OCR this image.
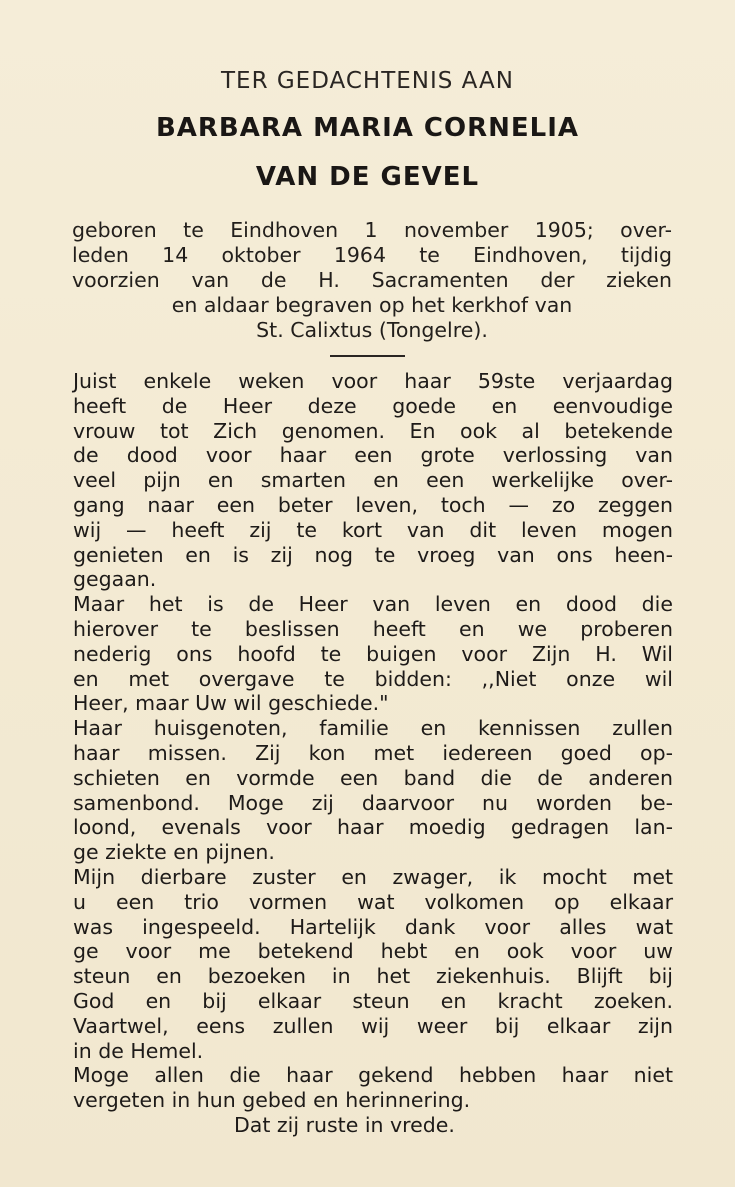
TER GEDACHTENIS AAN
BARBARA MARIA CORNELIA
VAN DE GEVEL
geboren te Eindhoven 1 november 1905; over-
leden 14 oktober 1964 te Eindhoven, tijdig
voorzien van de H. Sacramenten der zieken
en aldaar begraven op het kerkhof van
St. Calixtus (Tongelre).
Juist enkele weken voor haar 59ste verjaardag
heeft de Heer deze goede en eenvoudige
vrouw tot Zich genomen. En ook al betekende
de dood voor haar een grote verlossing van
veel pijn en smarten en een werkelijke over-
gang naar een beter leven, toch — zo zeggen
wij — heeft zij te kort van dit leven mogen
genieten en is zij nog te vroeg van ons heen-
gegaan.
Maar het is de Heer van leven en dood die
hierover te beslissen heeft en we proberen
nederig ons hoofd te buigen voor Zijn H. Wil
en met overgave te bidden: ,,Niet onze wil
Heer, maar Uw wil geschiede."
Haar huisgenoten, familie en kennissen zullen
haar missen. Zij kon met iedereen goed op-
schieten en vormde een band die de anderen
samenbond. Moge zij daarvoor nu worden be-
loond, evenals voor haar moedig gedragen lan-
ge ziekte en pijnen.
Mijn dierbare zuster en zwager, ik mocht met
u een trio vormen wat volkomen op elkaar
was ingespeeld. Hartelijk dank voor alles wat
ge voor me betekend hebt en ook voor uw
steun en bezoeken in het ziekenhuis. Blijft bij
God en bij elkaar steun en kracht zoeken.
Vaartwel, eens zullen wij weer bij elkaar zijn
in de Hemel.
Moge allen die haar gekend hebben haar niet
vergeten in hun gebed en herinnering.
Dat zij ruste in vrede.
